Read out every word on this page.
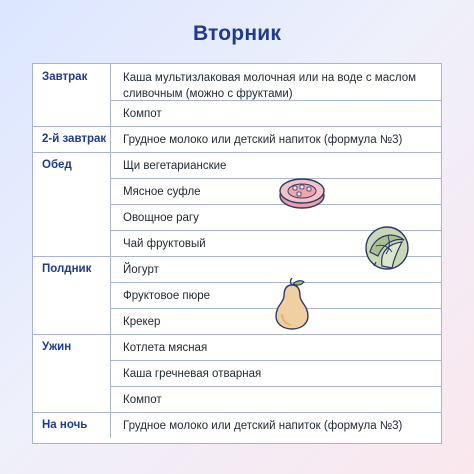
Вторник
Завтрак	Каша мультизлаковая молочная или на воде с маслом сливочным (можно с фруктами)
Компот
2-й завтрак	Грудное молоко или детский напиток (формула №3)
Обед	Щи вегетарианские
Мясное суфле
Овощное рагу
Чай фруктовый
Полдник	Йогурт
Фруктовое пюре
Крекер
Ужин	Котлета мясная
Каша гречневая отварная
Компот
На ночь	Грудное молоко или детский напиток (формула №3)
